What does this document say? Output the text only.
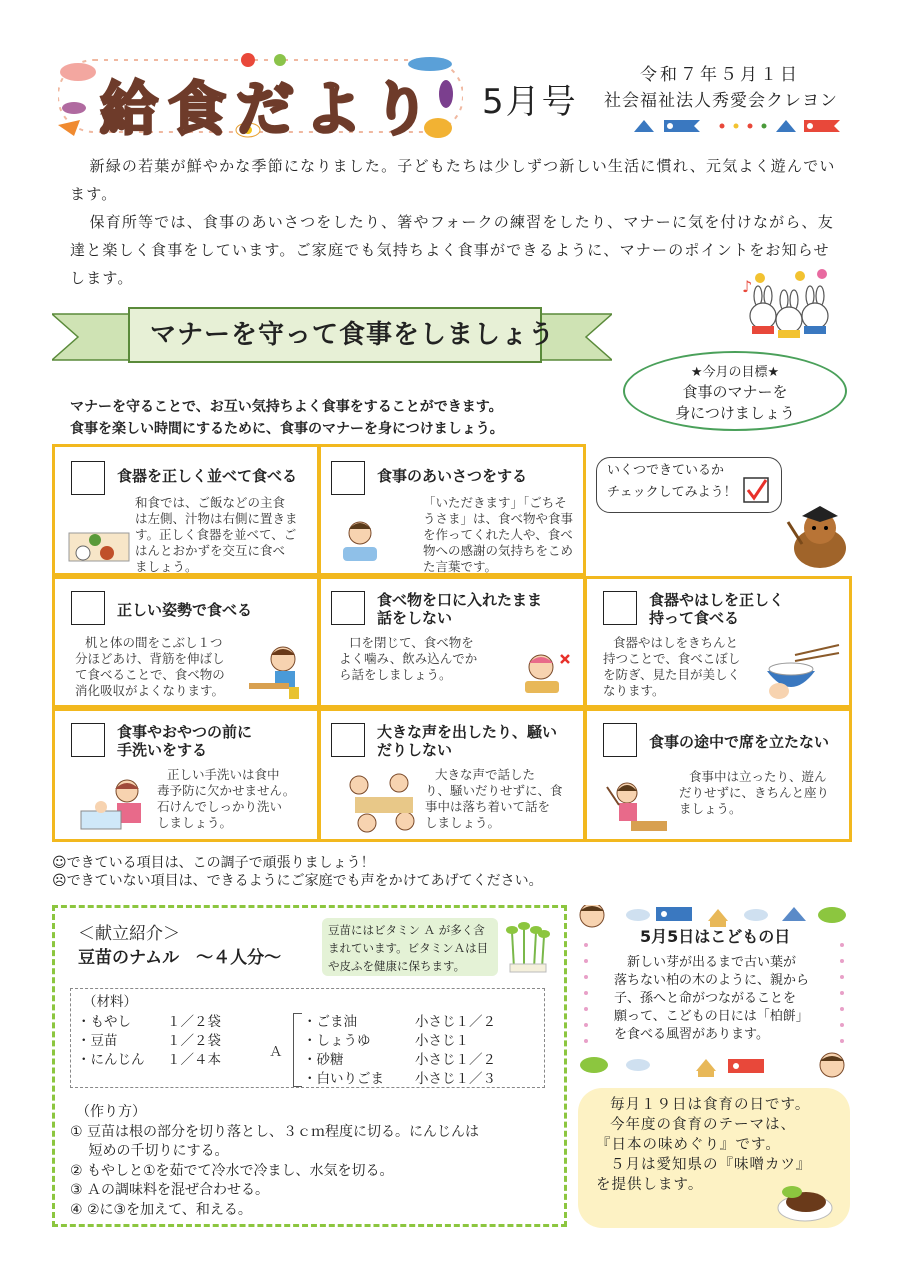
給食だより 5月号
令和７年５月１日
社会福祉法人秀愛会クレヨン

新緑の若葉が鮮やかな季節になりました。子どもたちは少しずつ新しい生活に慣れ、元気よく遊んでいます。

保育所等では、食事のあいさつをしたり、箸やフォークの練習をしたり、マナーに気を付けながら、友達と楽しく食事をしています。ご家庭でも気持ちよく食事ができるように、マナーのポイントをお知らせします。	♪
マナーを守って食事をしましょう
★今月の目標★
食事のマナーを
身につけましょう
マナーを守ることで、お互い気持ちよく食事をすることができます。
食事を楽しい時間にするために、食事のマナーを身につけましょう。
食器を正しく並べて食べる
和食では、ご飯などの主食
は左側、汁物は右側に置きま
す。正しく食器を並べて、ご
はんとおかずを交互に食べ
ましょう。
食事のあいさつをする
「いただきます」「ごちそ
うさま」は、食べ物や食事
を作ってくれた人や、食べ
物への感謝の気持ちをこめ
た言葉です。
いくつできているか
チェックしてみよう！
正しい姿勢で食べる
机と体の間をこぶし１つ
分ほどあけ、背筋を伸ばし
て食べることで、食べ物の
消化吸収がよくなります。
食べ物を口に入れたまま
話をしない
口を閉じて、食べ物を
よく噛み、飲み込んでか
ら話をしましょう。
食器やはしを正しく
持って食べる
食器やはしをきちんと
持つことで、食べこぼし
を防ぎ、見た目が美しく
なります。
食事やおやつの前に
手洗いをする
正しい手洗いは食中
毒予防に欠かせません。
石けんでしっかり洗い
しましょう。
大きな声を出したり、騒い
だりしない
大きな声で話した
り、騒いだりせずに、食
事中は落ち着いて話を
しましょう。
食事の途中で席を立たない
食事中は立ったり、遊ん
だりせずに、きちんと座り
ましょう。
☺できている項目は、この調子で頑張りましょう！
☹できていない項目は、できるようにご家庭でも声をかけてあげてください。
＜献立紹介＞
豆苗のナムル　～４人分～
豆苗にはビタミン Ａ が多く含
まれています。ビタミンＡは目
や皮ふを健康に保ちます。
（材料）
・もやし	１／２袋
・豆苗	１／２袋
・にんじん １／４本	Ａ
・ごま油	小さじ１／２
・しょうゆ	小さじ１
・砂糖	小さじ１／２
・白いりごま 小さじ１／３
（作り方）
① 豆苗は根の部分を切り落とし、３ｃｍ程度に切る。にんじんは
　 短めの千切りにする。
② もやしと①を茹でて冷水で冷まし、水気を切る。
③ Ａの調味料を混ぜ合わせる。
④ ②に③を加えて、和える。
5月5日はこどもの日
新しい芽が出るまで古い葉が
落ちない柏の木のように、親から
子、孫へと命がつながることを
願って、こどもの日には「柏餅」
を食べる風習があります。
毎月１９日は食育の日です。
今年度の食育のテーマは、
『日本の味めぐり』です。
５月は愛知県の『味噌カツ』
を提供します。
